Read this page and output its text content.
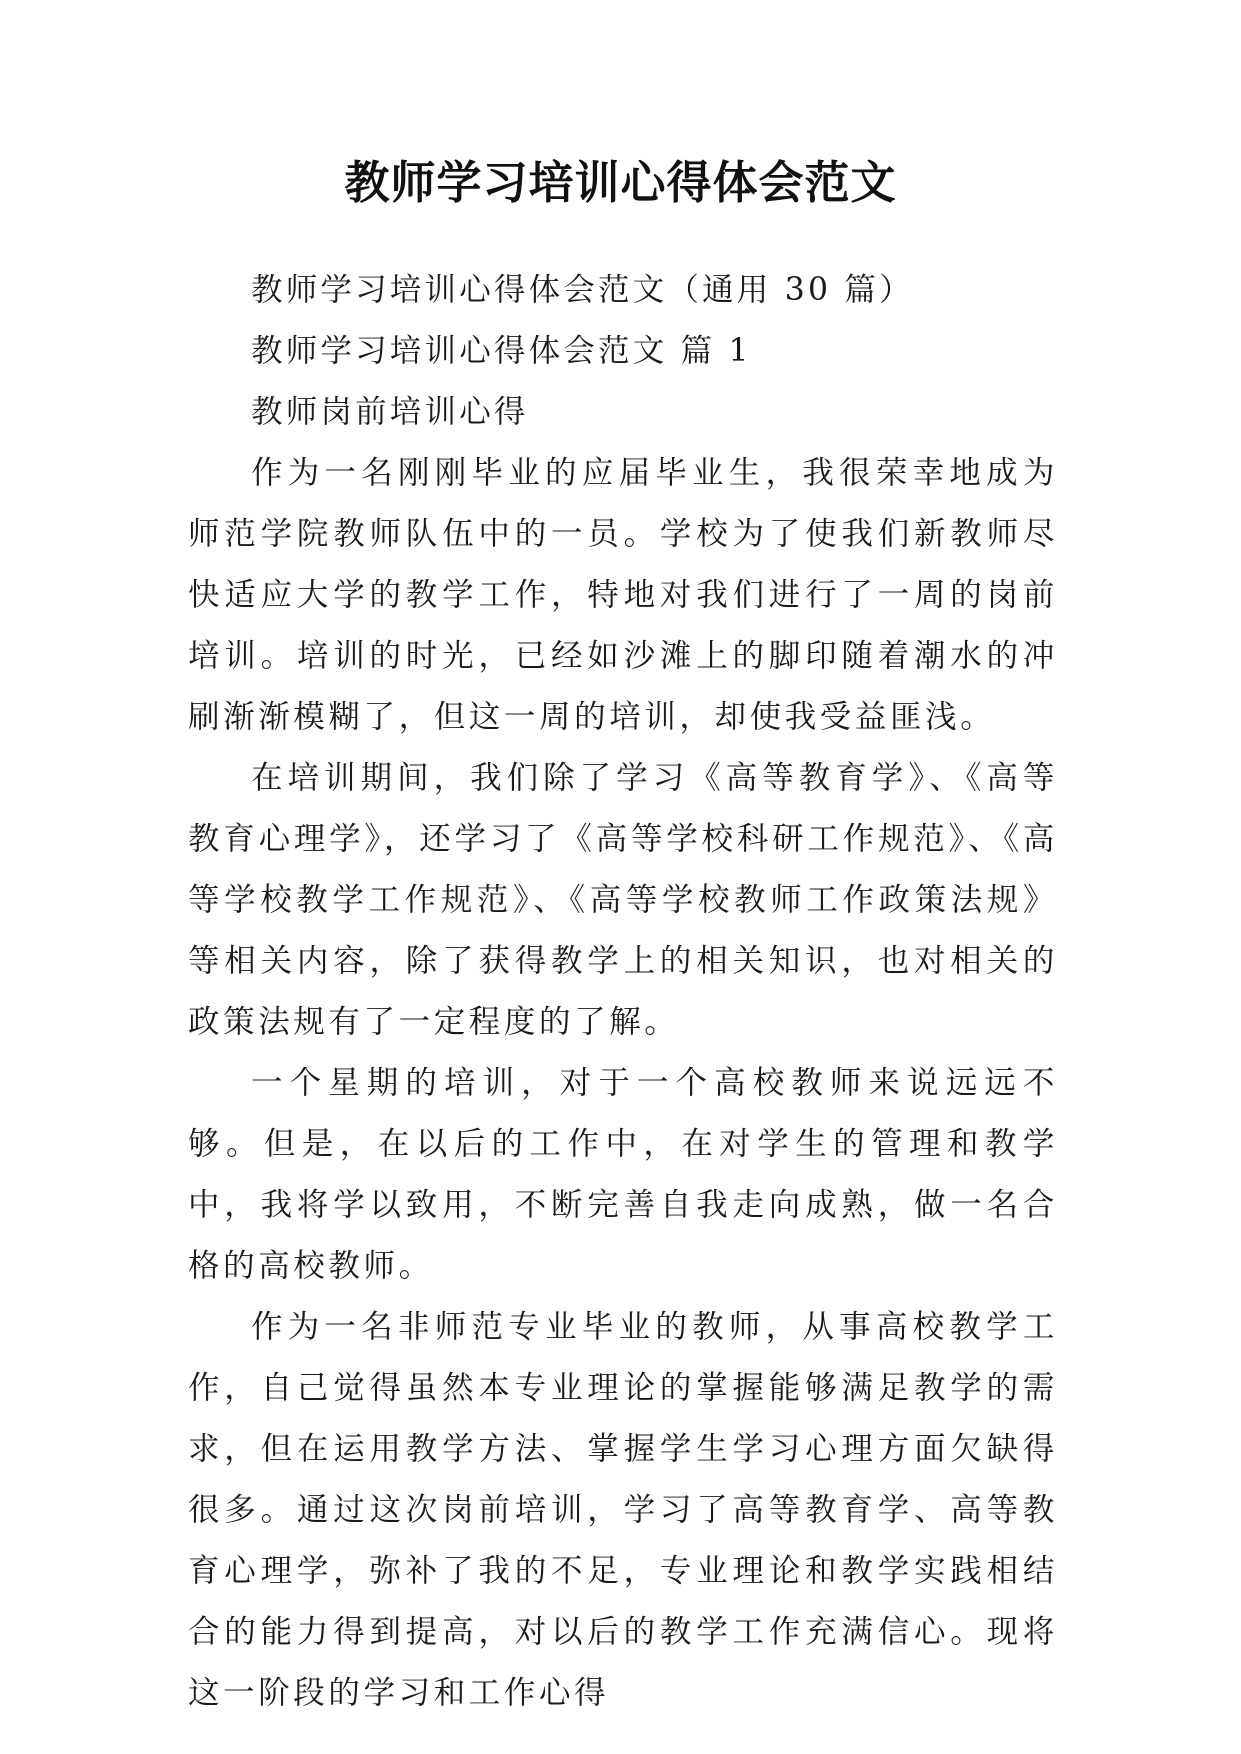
教师学习培训心得体会范文

教师学习培训心得体会范文（通用 30 篇）

教师学习培训心得体会范文 篇 1

教师岗前培训心得

作为一名刚刚毕业的应届毕业生，我很荣幸地成为师范学院教师队伍中的一员。学校为了使我们新教师尽快适应大学的教学工作，特地对我们进行了一周的岗前培训。培训的时光，已经如沙滩上的脚印随着潮水的冲刷渐渐模糊了，但这一周的培训，却使我受益匪浅。

在培训期间，我们除了学习《高等教育学》、《高等教育心理学》，还学习了《高等学校科研工作规范》、《高等学校教学工作规范》、《高等学校教师工作政策法规》等相关内容，除了获得教学上的相关知识，也对相关的政策法规有了一定程度的了解。

一个星期的培训，对于一个高校教师来说远远不够。但是，在以后的工作中，在对学生的管理和教学中，我将学以致用，不断完善自我走向成熟，做一名合格的高校教师。

作为一名非师范专业毕业的教师，从事高校教学工作，自己觉得虽然本专业理论的掌握能够满足教学的需求，但在运用教学方法、掌握学生学习心理方面欠缺得很多。通过这次岗前培训，学习了高等教育学、高等教育心理学，弥补了我的不足，专业理论和教学实践相结合的能力得到提高，对以后的教学工作充满信心。现将这一阶段的学习和工作心得
